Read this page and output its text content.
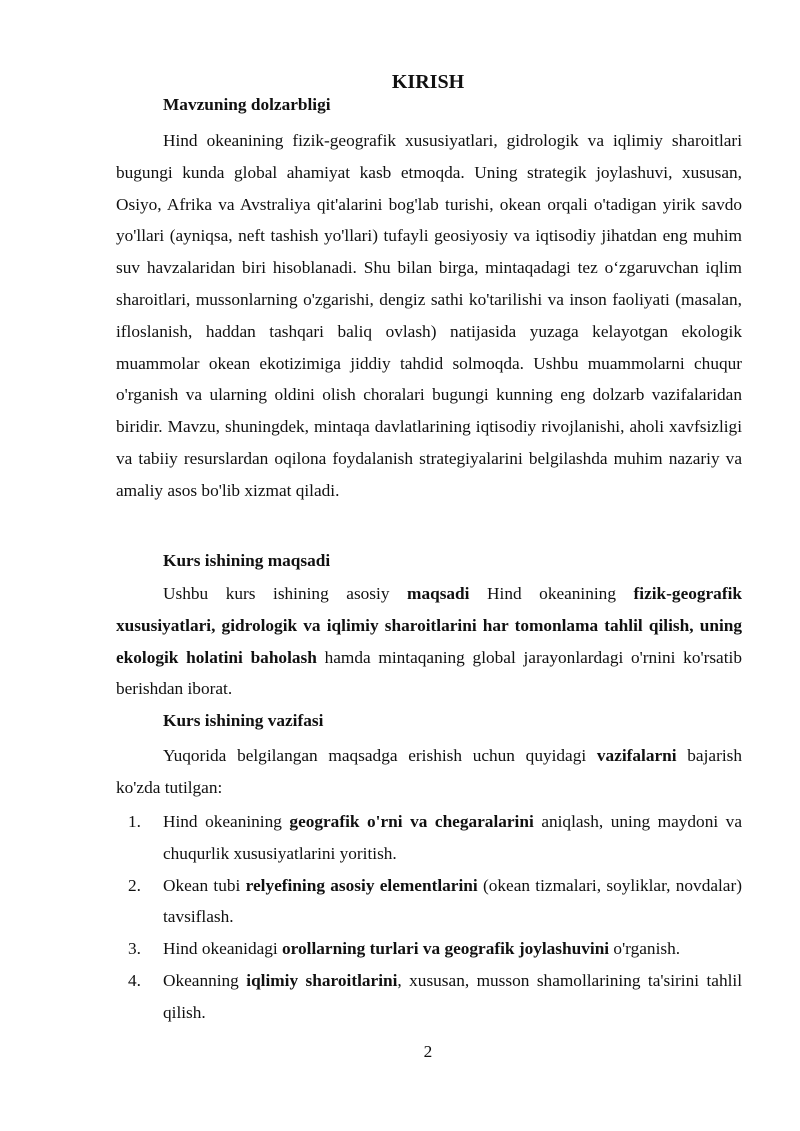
KIRISH
Mavzuning dolzarbligi

Hind okeanining fizik-geografik xususiyatlari, gidrologik va iqlimiy sharoitlari bugungi kunda global ahamiyat kasb etmoqda. Uning strategik joylashuvi, xususan, Osiyo, Afrika va Avstraliya qit'alarini bog'lab turishi, okean orqali o'tadigan yirik savdo yo'llari (ayniqsa, neft tashish yo'llari) tufayli geosiyosiy va iqtisodiy jihatdan eng muhim suv havzalaridan biri hisoblanadi. Shu bilan birga, mintaqadagi tez o‘zgaruvchan iqlim sharoitlari, mussonlarning o'zgarishi, dengiz sathi ko'tarilishi va inson faoliyati (masalan, ifloslanish, haddan tashqari baliq ovlash) natijasida yuzaga kelayotgan ekologik muammolar okean ekotizimiga jiddiy tahdid solmoqda. Ushbu muammolarni chuqur o'rganish va ularning oldini olish choralari bugungi kunning eng dolzarb vazifalaridan biridir. Mavzu, shuningdek, mintaqa davlatlarining iqtisodiy rivojlanishi, aholi xavfsizligi va tabiiy resurslardan oqilona foydalanish strategiyalarini belgilashda muhim nazariy va amaliy asos bo'lib xizmat qiladi.

Kurs ishining maqsadi

Ushbu kurs ishining asosiy maqsadi Hind okeanining fizik-geografik xususiyatlari, gidrologik va iqlimiy sharoitlarini har tomonlama tahlil qilish, uning ekologik holatini baholash hamda mintaqaning global jarayonlardagi o'rnini ko'rsatib berishdan iborat.

Kurs ishining vazifasi

Yuqorida belgilangan maqsadga erishish uchun quyidagi vazifalarni bajarish ko'zda tutilgan:

1. Hind okeanining geografik o'rni va chegaralarini aniqlash, uning maydoni va chuqurlik xususiyatlarini yoritish.
2. Okean tubi relyefining asosiy elementlarini (okean tizmalari, soyliklar, novdalar) tavsiflash.
3. Hind okeanidagi orollarning turlari va geografik joylashuvini o'rganish.
4. Okeanning iqlimiy sharoitlarini, xususan, musson shamollarining ta'sirini tahlil qilish.
2
